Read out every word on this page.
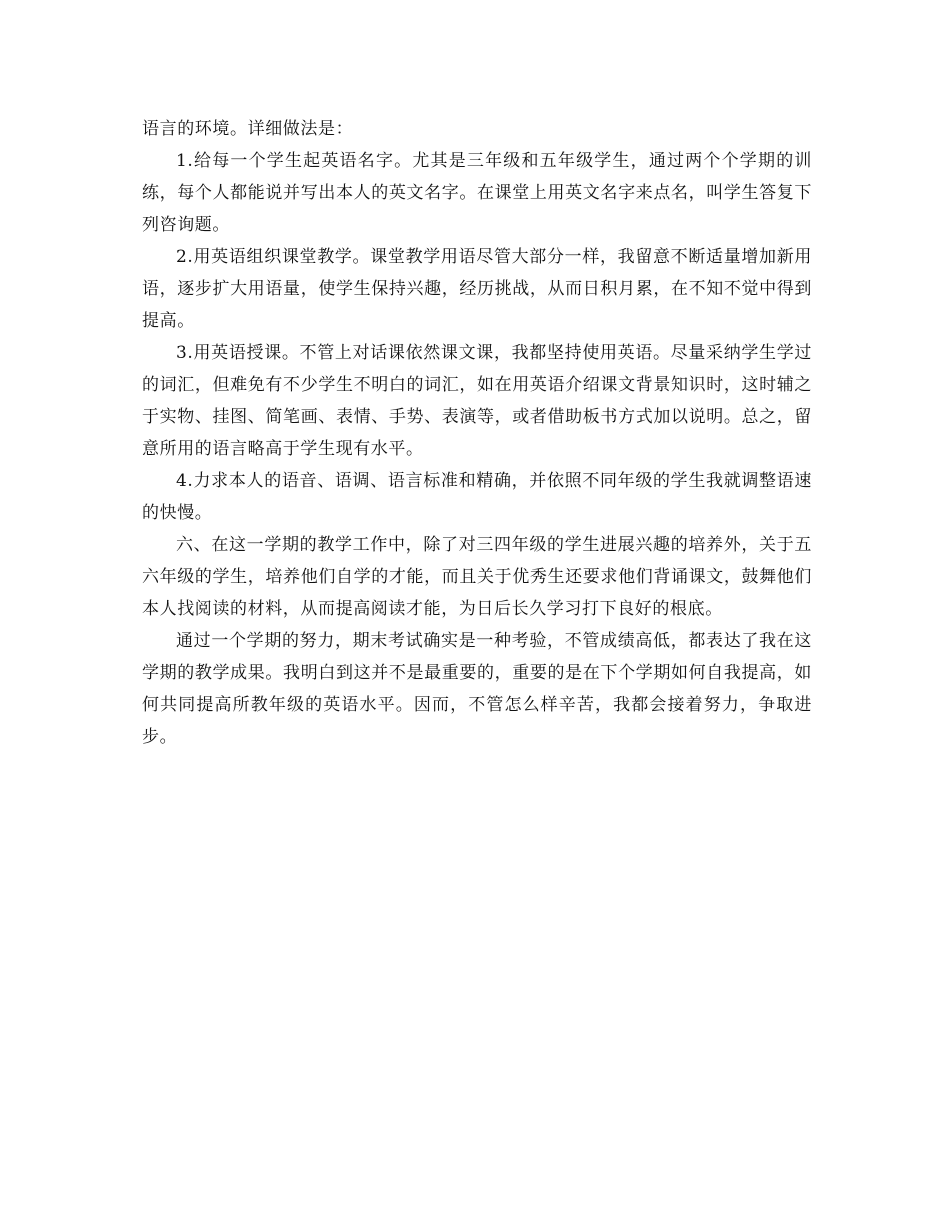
语言的环境。详细做法是：

1.给每一个学生起英语名字。尤其是三年级和五年级学生，通过两个个学期的训练，每个人都能说并写出本人的英文名字。在课堂上用英文名字来点名，叫学生答复下列咨询题。

2.用英语组织课堂教学。课堂教学用语尽管大部分一样，我留意不断适量增加新用语，逐步扩大用语量，使学生保持兴趣，经历挑战，从而日积月累，在不知不觉中得到提高。

3.用英语授课。不管上对话课依然课文课，我都坚持使用英语。尽量采纳学生学过的词汇，但难免有不少学生不明白的词汇，如在用英语介绍课文背景知识时，这时辅之于实物、挂图、简笔画、表情、手势、表演等，或者借助板书方式加以说明。总之，留意所用的语言略高于学生现有水平。

4.力求本人的语音、语调、语言标准和精确，并依照不同年级的学生我就调整语速的快慢。

六、在这一学期的教学工作中，除了对三四年级的学生进展兴趣的培养外，关于五六年级的学生，培养他们自学的才能，而且关于优秀生还要求他们背诵课文，鼓舞他们本人找阅读的材料，从而提高阅读才能，为日后长久学习打下良好的根底。

通过一个学期的努力，期末考试确实是一种考验，不管成绩高低，都表达了我在这学期的教学成果。我明白到这并不是最重要的，重要的是在下个学期如何自我提高，如何共同提高所教年级的英语水平。因而，不管怎么样辛苦，我都会接着努力，争取进步。
